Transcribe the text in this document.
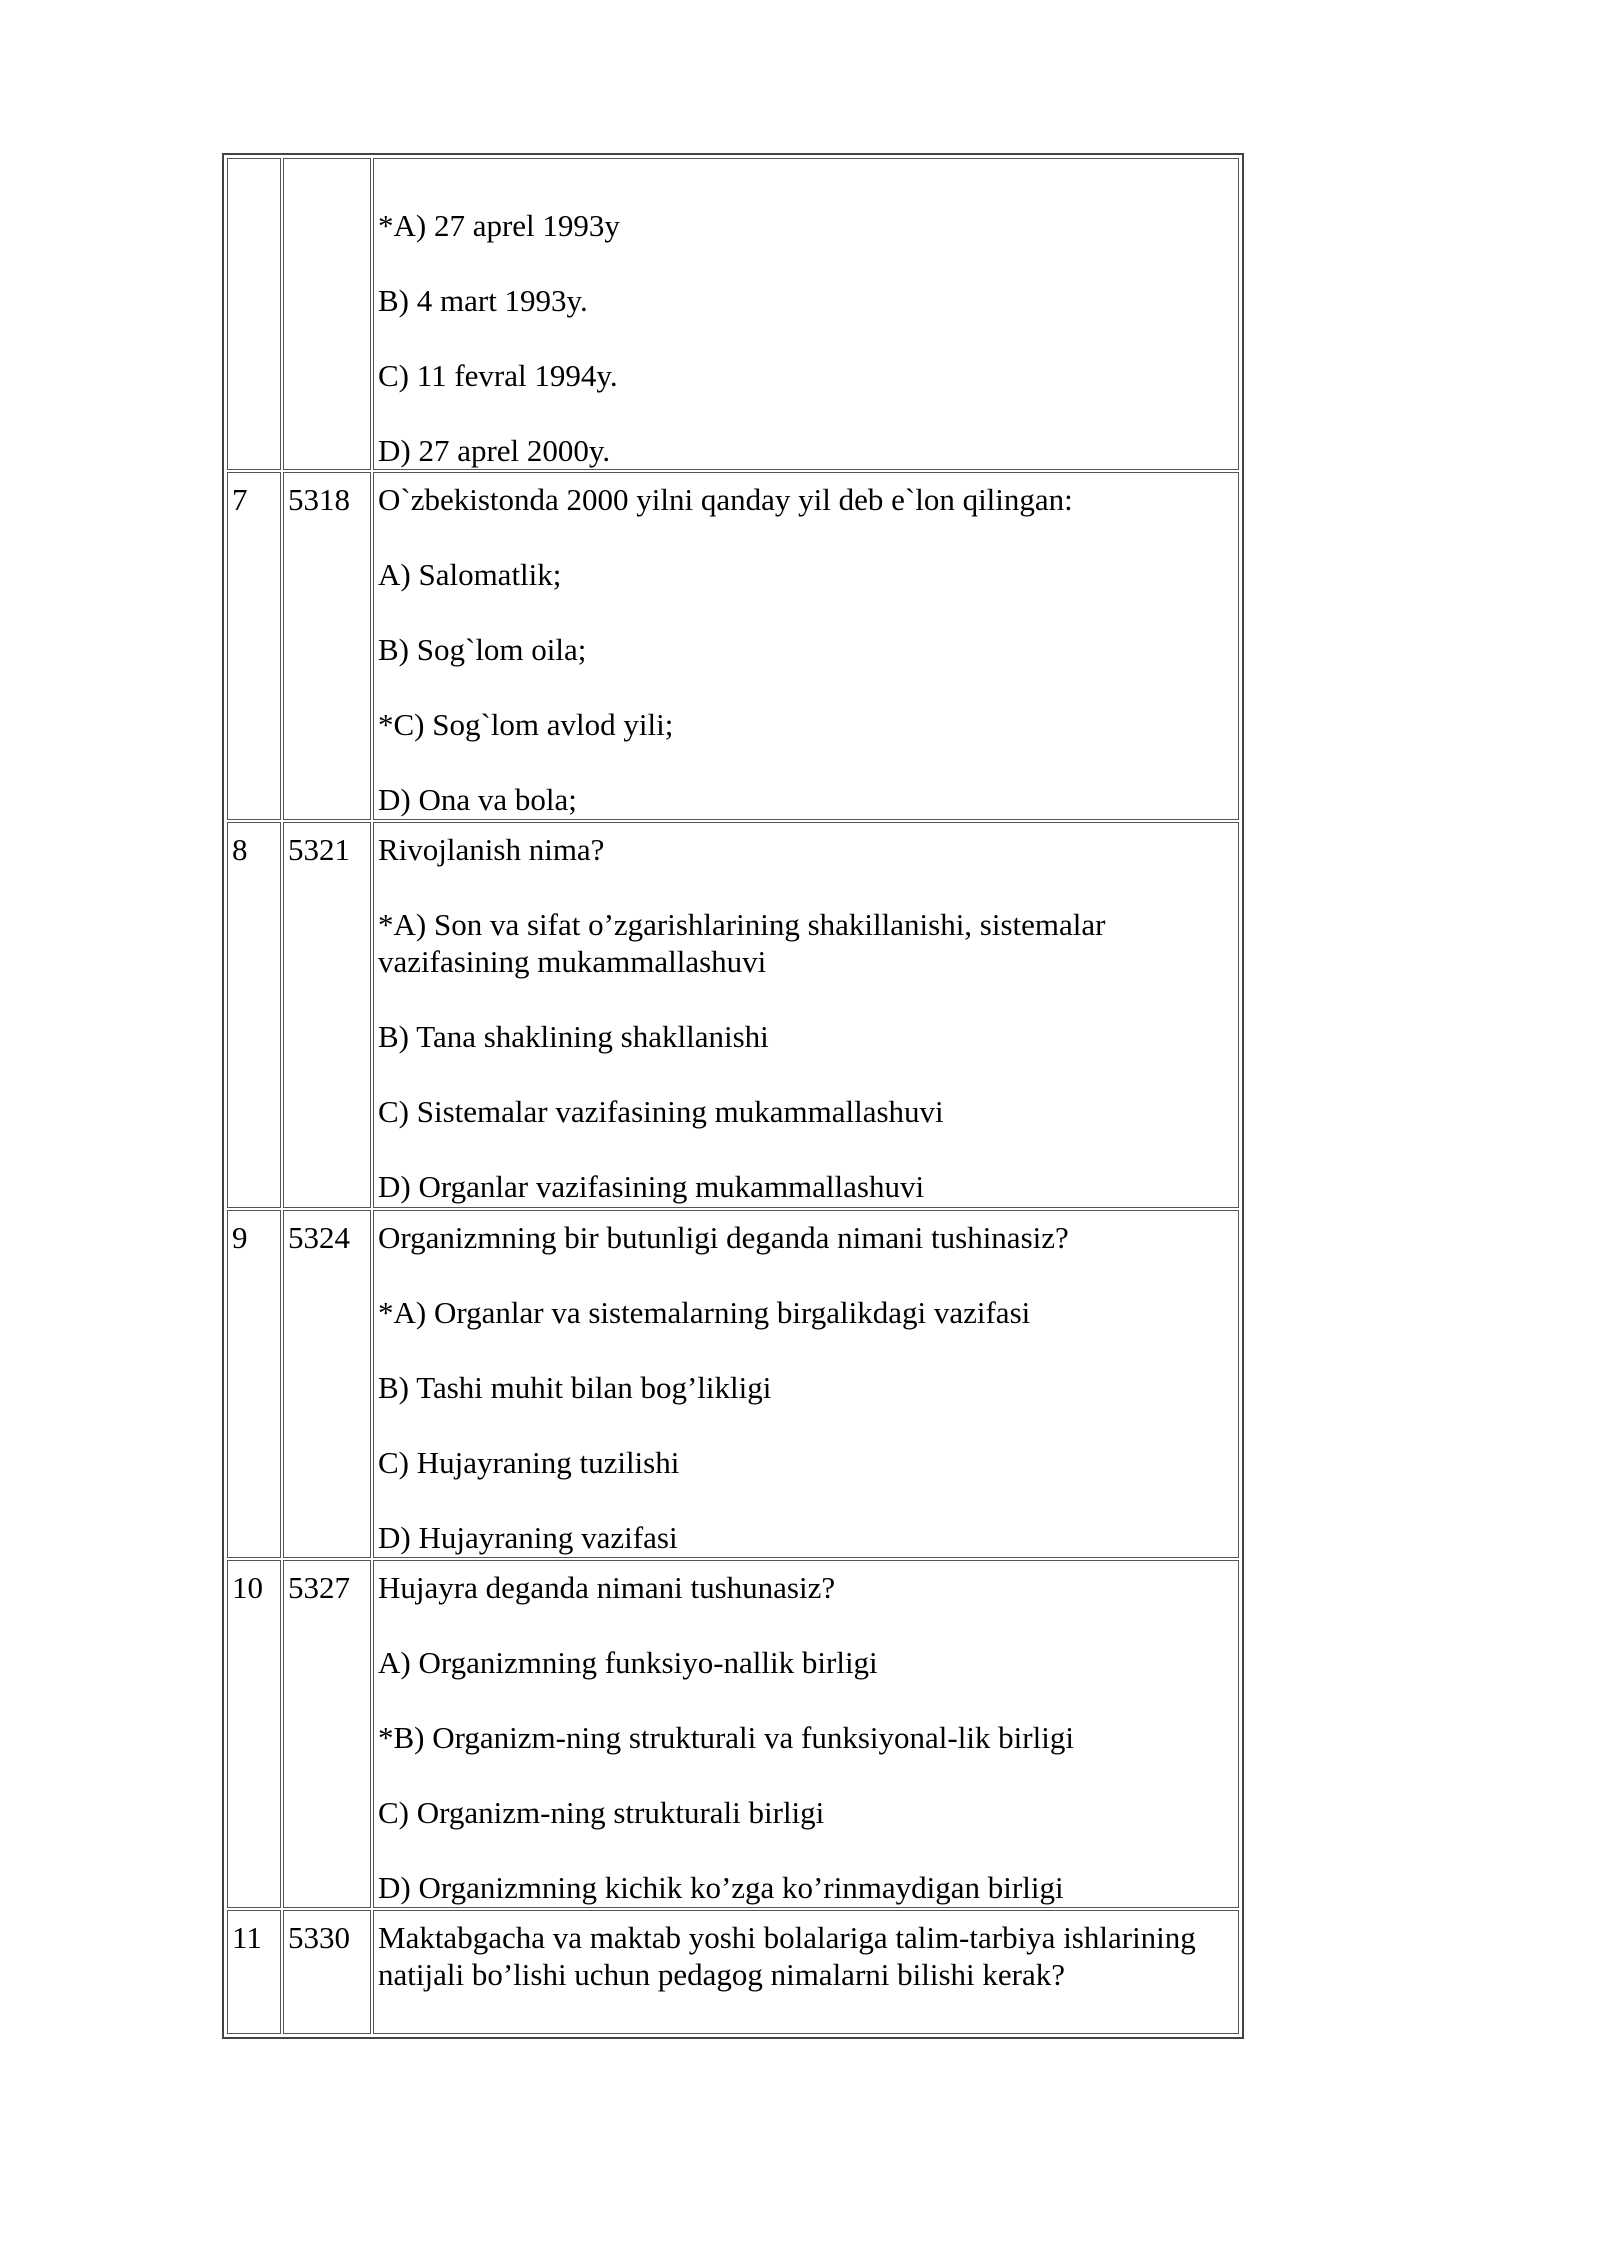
		*A) 27 aprel 1993y
B) 4 mart 1993y.
C) 11 fevral 1994y.
D) 27 aprel 2000y.

7	5318	O`zbekistonda 2000 yilni qanday yil deb e`lon qilingan:
A) Salomatlik;
B) Sog`lom oila;
*C) Sog`lom avlod yili;
D) Ona va bola;

8	5321	Rivojlanish nima?
*A) Son va sifat o’zgarishlarining shakillanishi, sistemalar vazifasining mukammallashuvi
B) Tana shaklining shakllanishi
C) Sistemalar vazifasining mukammallashuvi
D) Organlar vazifasining mukammallashuvi

9	5324	Organizmning bir butunligi deganda nimani tushinasiz?
*A) Organlar va sistemalarning birgalikdagi vazifasi
B) Tashi muhit bilan bog’likligi
C) Hujayraning tuzilishi
D) Hujayraning vazifasi

10	5327	Hujayra deganda nimani tushunasiz?
A) Organizmning funksiyo-nallik birligi
*B) Organizm-ning strukturali va funksiyonal-lik birligi
C) Organizm-ning strukturali birligi
D) Organizmning kichik ko’zga ko’rinmaydigan birligi

11	5330	Maktabgacha va maktab yoshi bolalariga talim-tarbiya ishlarining natijali bo’lishi uchun pedagog nimalarni bilishi kerak?
